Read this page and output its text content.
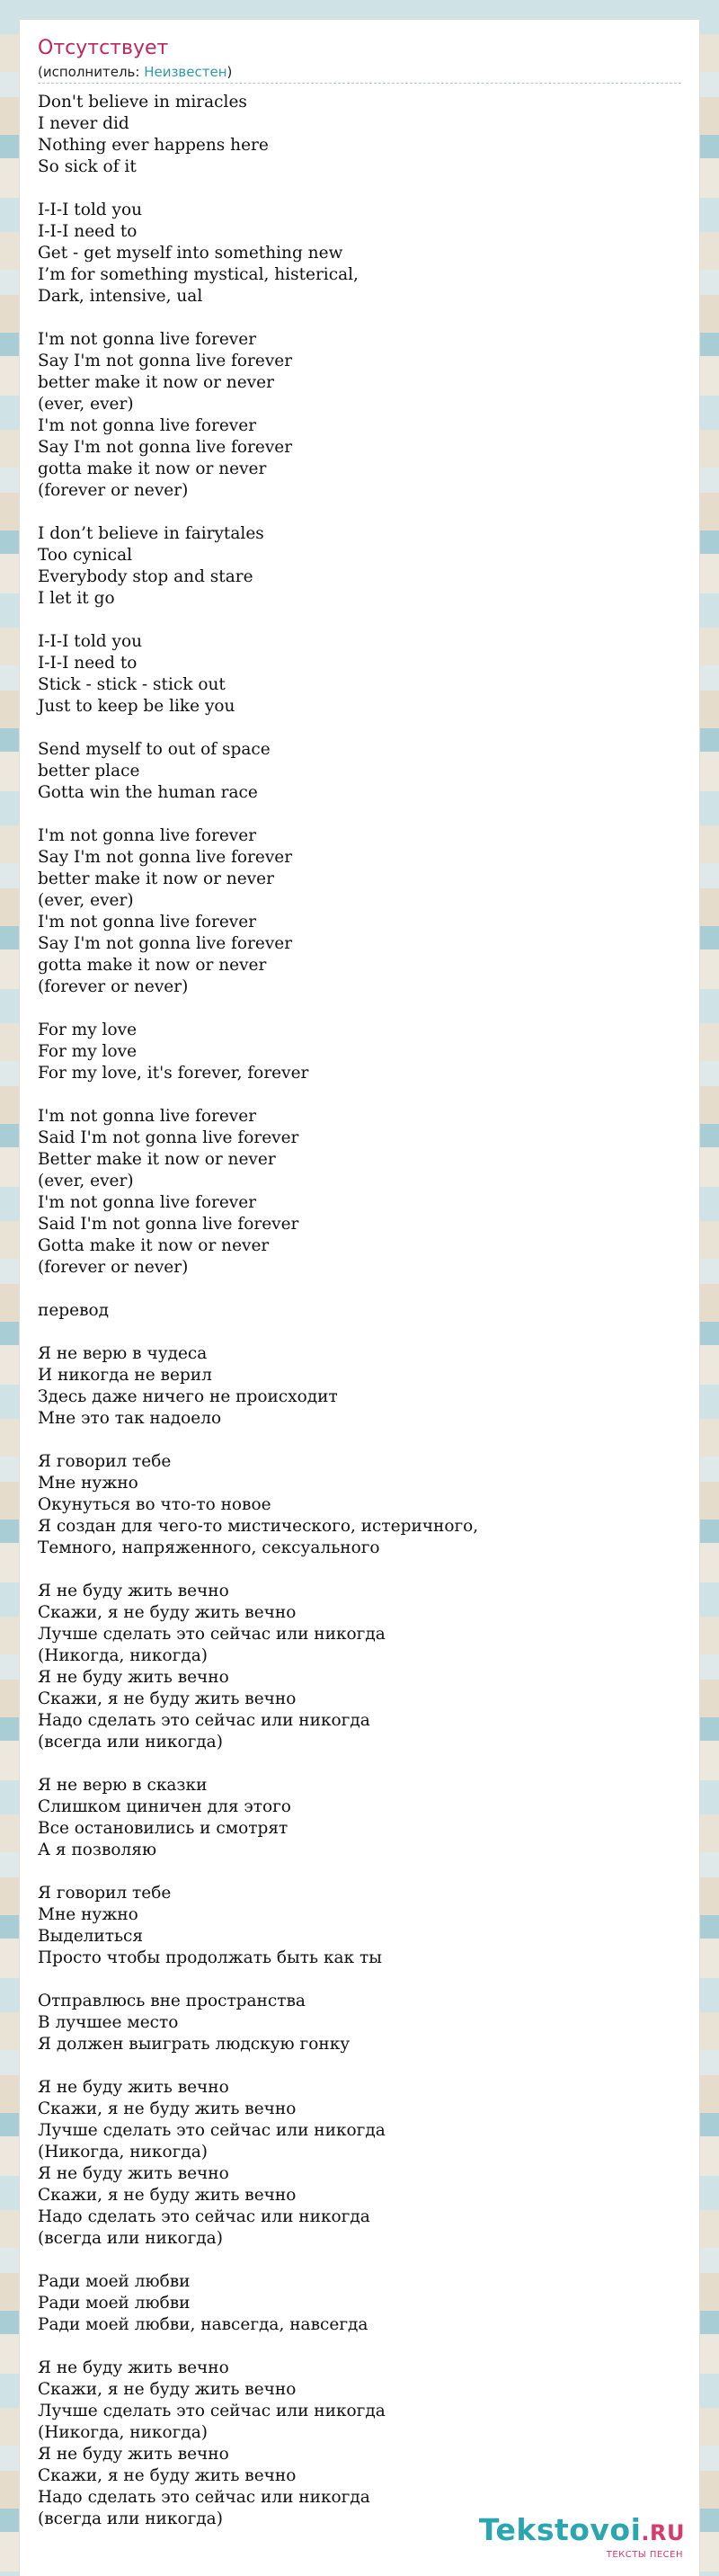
Отсутствует
(исполнитель: Неизвестен)
Don't believe in miracles
I never did
Nothing ever happens here
So sick of it
I-I-I told you
I-I-I need to
Get - get myself into something new
I’m for something mystical, histerical,
Dark, intensive, ual
I'm not gonna live forever
Say I'm not gonna live forever
better make it now or never
(ever, ever)
I'm not gonna live forever
Say I'm not gonna live forever
gotta make it now or never
(forever or never)
I don’t believe in fairytales
Too cynical
Everybody stop and stare
I let it go
I-I-I told you
I-I-I need to
Stick - stick - stick out
Just to keep be like you
Send myself to out of space
better place
Gotta win the human race
I'm not gonna live forever
Say I'm not gonna live forever
better make it now or never
(ever, ever)
I'm not gonna live forever
Say I'm not gonna live forever
gotta make it now or never
(forever or never)
For my love
For my love
For my love, it's forever, forever
I'm not gonna live forever
Said I'm not gonna live forever
Better make it now or never
(ever, ever)
I'm not gonna live forever
Said I'm not gonna live forever
Gotta make it now or never
(forever or never)
перевод
Я не верю в чудеса
И никогда не верил
Здесь даже ничего не происходит
Мне это так надоело
Я говорил тебе
Мне нужно
Окунуться во что-то новое
Я создан для чего-то мистического, истеричного,
Темного, напряженного, сексуального
Я не буду жить вечно
Скажи, я не буду жить вечно
Лучше сделать это сейчас или никогда
(Никогда, никогда)
Я не буду жить вечно
Скажи, я не буду жить вечно
Надо сделать это сейчас или никогда
(всегда или никогда)
Я не верю в сказки
Слишком циничен для этого
Все остановились и смотрят
А я позволяю
Я говорил тебе
Мне нужно
Выделиться
Просто чтобы продолжать быть как ты
Отправлюсь вне пространства
В лучшее место
Я должен выиграть людскую гонку
Я не буду жить вечно
Скажи, я не буду жить вечно
Лучше сделать это сейчас или никогда
(Никогда, никогда)
Я не буду жить вечно
Скажи, я не буду жить вечно
Надо сделать это сейчас или никогда
(всегда или никогда)
Ради моей любви
Ради моей любви
Ради моей любви, навсегда, навсегда
Я не буду жить вечно
Скажи, я не буду жить вечно
Лучше сделать это сейчас или никогда
(Никогда, никогда)
Я не буду жить вечно
Скажи, я не буду жить вечно
Надо сделать это сейчас или никогда
(всегда или никогда)	Tekstovoi.RU
ТЕКСТЫ ПЕСЕН
